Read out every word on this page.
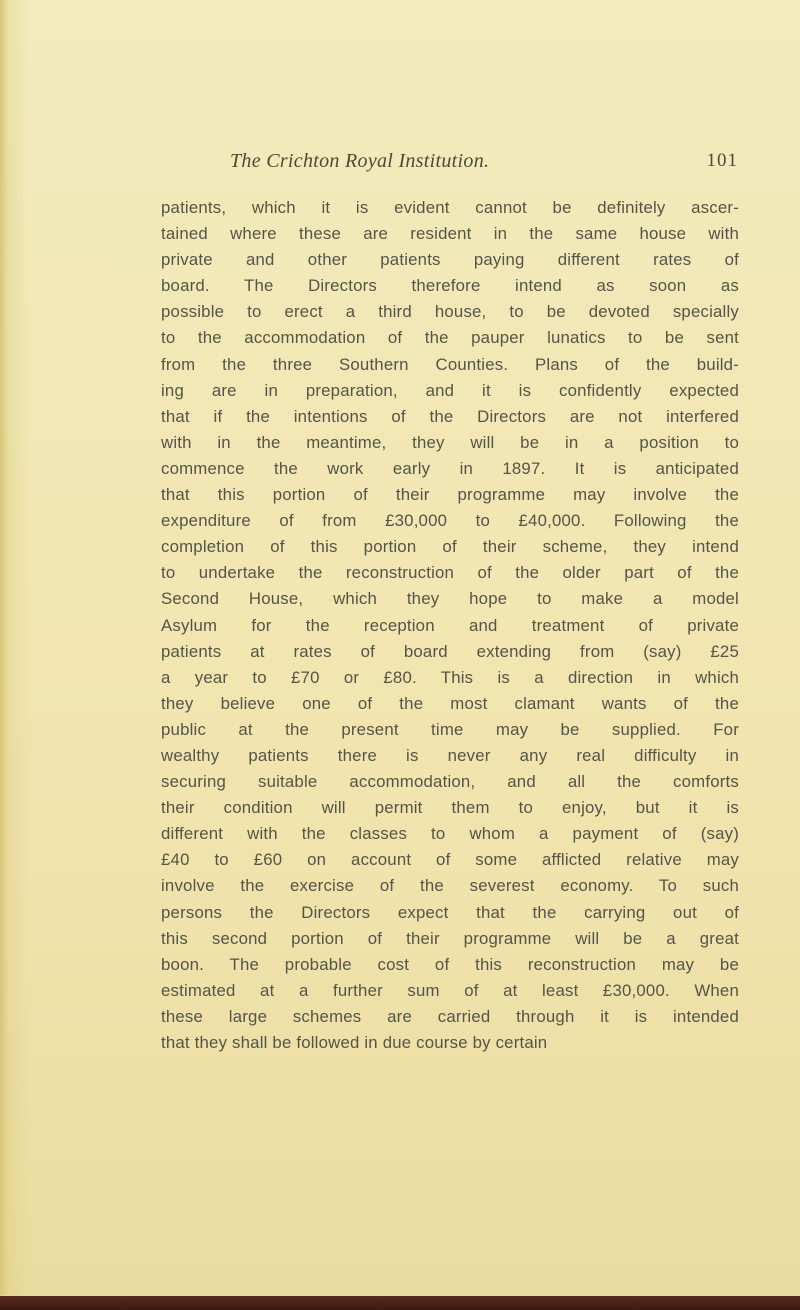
The Crichton Royal Institution.	101
patients, which it is evident cannot be definitely ascer-
tained where these are resident in the same house with
private and other patients paying different rates of
board. The Directors therefore intend as soon as
possible to erect a third house, to be devoted specially
to the accommodation of the pauper lunatics to be sent
from the three Southern Counties. Plans of the build-
ing are in preparation, and it is confidently expected
that if the intentions of the Directors are not interfered
with in the meantime, they will be in a position to
commence the work early in 1897. It is anticipated
that this portion of their programme may involve the
expenditure of from £30,000 to £40,000. Following the
completion of this portion of their scheme, they intend
to undertake the reconstruction of the older part of the
Second House, which they hope to make a model
Asylum for the reception and treatment of private
patients at rates of board extending from (say) £25
a year to £70 or £80. This is a direction in which
they believe one of the most clamant wants of the
public at the present time may be supplied. For
wealthy patients there is never any real difficulty in
securing suitable accommodation, and all the comforts
their condition will permit them to enjoy, but it is
different with the classes to whom a payment of (say)
£40 to £60 on account of some afflicted relative may
involve the exercise of the severest economy. To such
persons the Directors expect that the carrying out of
this second portion of their programme will be a great
boon. The probable cost of this reconstruction may be
estimated at a further sum of at least £30,000. When
these large schemes are carried through it is intended
that they shall be followed in due course by certain
